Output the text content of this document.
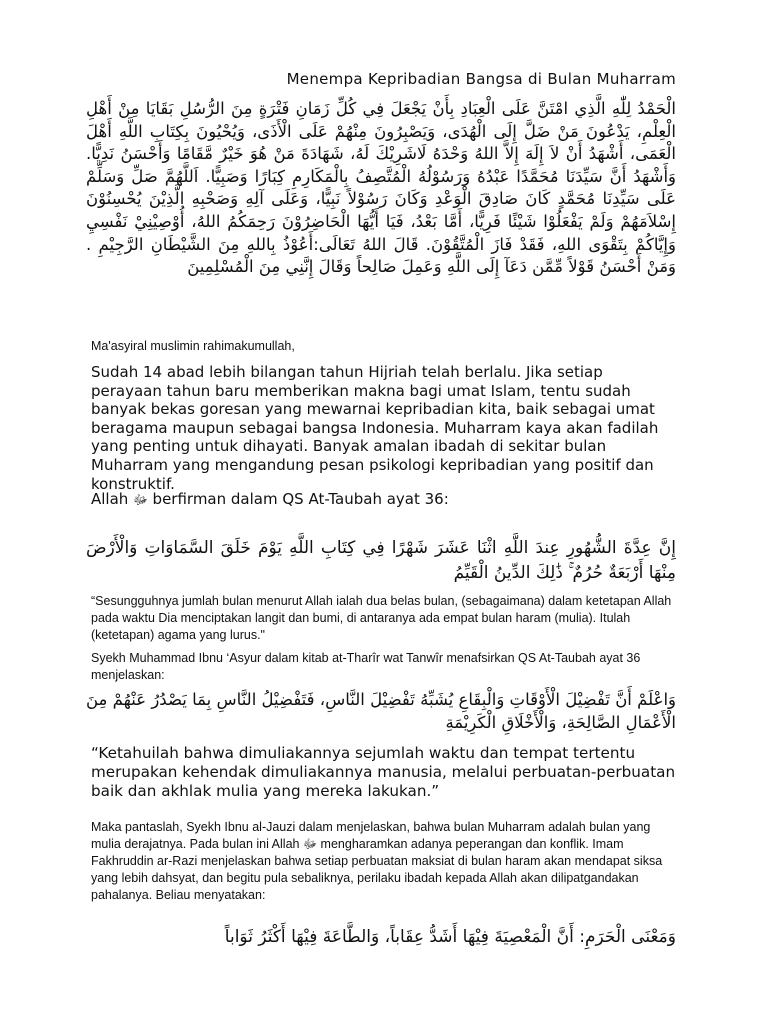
Menempa Kepribadian Bangsa di Bulan Muharram
الْحَمْدُ لِلّٰهِ الَّذِي امْتَنَّ عَلَى الْعِبَادِ بِأَنْ يَجْعَلَ فِي كُلِّ زَمَانِ فَتْرَةٍ مِنَ الرُّسُلِ بَقَايَا مِنْ أَهْلِ الْعِلْمِ، يَدْعُونَ مَنْ ضَلَّ إِلَى الْهُدَى، وَيَصْبِرُونَ مِنْهُمْ عَلَى الْأَذَى، وَيُحْيُونَ بِكِتَابِ اللَّهِ أَهْلَ الْعَمَى، أَشْهَدُ أَنْ لاَ إِلَهَ إِلاَّ اللهُ وَحْدَهُ لَاشَرِيْكَ لَهُ، شَهَادَةَ مَنْ هُوَ خَيْرٌ مَّقَامًا وَأَحْسَنُ نَدِيًّا. وَأَشْهَدُ أَنَّ سَيِّدَنَا مُحَمَّدًا عَبْدُهُ وَرَسُوْلُهُ الْمُتَّصِفُ بِالْمَكَارِمِ كِبَارًا وَصَبِيًّا. اَللَّهُمَّ صَلِّ وَسَلِّمْ عَلَى سَيِّدِنَا مُحَمَّدٍ كَانَ صَادِقَ الْوَعْدِ وَكَانَ رَسُوْلاً نَبِيًّا، وَعَلَى آلِهِ وَصَحْبِهِ الَّذِيْنَ يُحْسِنُوْنَ إِسْلاَمَهُمْ وَلَمْ يَفْعَلُوْا شَيْئًا فَرِيًّا، أَمَّا بَعْدُ، فَيَا أَيُّهَا الْحَاضِرُوْنَ رَحِمَكُمُ اللهُ، أُوْصِيْنِيْ نَفْسِيِ وَإِيَّاكُمْ بِتَقْوَى اللهِ، فَقَدْ فَازَ الْمُتَّقُوْنَ. قَالَ اللهُ تَعَالَى:أَعُوْذُ بِاللهِ مِنَ الشَّيْطَانِ الرَّجِيْمِ . وَمَنْ أَحْسَنُ قَوْلاً مِّمَّن دَعَآ إِلَى اللَّهِ وَعَمِلَ صَالِحاً وَقَالَ إِنَّنِي مِنَ الْمُسْلِمِينَ
Ma'asyiral muslimin rahimakumullah,
Sudah 14 abad lebih bilangan tahun Hijriah telah berlalu. Jika setiap perayaan tahun baru memberikan makna bagi umat Islam, tentu sudah banyak bekas goresan yang mewarnai kepribadian kita, baik sebagai umat beragama maupun sebagai bangsa Indonesia. Muharram kaya akan fadilah yang penting untuk dihayati. Banyak amalan ibadah di sekitar bulan Muharram yang mengandung pesan psikologi kepribadian yang positif dan konstruktif.
Allah ﷻ berfirman dalam QS At-Taubah ayat 36:
إِنَّ عِدَّةَ الشُّهُورِ عِندَ اللَّهِ اثْنَا عَشَرَ شَهْرًا فِي كِتَابِ اللَّهِ يَوْمَ خَلَقَ السَّمَاوَاتِ وَالْأَرْضَ مِنْهَا أَرْبَعَةٌ حُرُمٌ ۚ ذَٰلِكَ الدِّينُ الْقَيِّمُ
“Sesungguhnya jumlah bulan menurut Allah ialah dua belas bulan, (sebagaimana) dalam ketetapan Allah pada waktu Dia menciptakan langit dan bumi, di antaranya ada empat bulan haram (mulia). Itulah (ketetapan) agama yang lurus."
Syekh Muhammad Ibnu ‘Asyur dalam kitab at-Tharîr wat Tanwîr menafsirkan QS At-Taubah ayat 36 menjelaskan:
وَاعْلَمْ أَنَّ تَفْضِيْلَ الْأَوْقَاتِ وَالْبِقَاعِ يُشَبِّهُ تَفْضِيْلَ النَّاسِ، فَتَفْضِيْلُ النَّاسِ بِمَا يَصْدُرُ عَنْهُمْ مِنَ الْأَعْمَالِ الصَّالِحَةِ، وَالْأَخْلَاقِ الْكَرِيْمَةِ
“Ketahuilah bahwa dimuliakannya sejumlah waktu dan tempat tertentu merupakan kehendak dimuliakannya manusia, melalui perbuatan-perbuatan baik dan akhlak mulia yang mereka lakukan.”
Maka pantaslah, Syekh Ibnu al-Jauzi dalam menjelaskan, bahwa bulan Muharram adalah bulan yang mulia derajatnya. Pada bulan ini Allah ﷻ mengharamkan adanya peperangan dan konflik. Imam Fakhruddin ar-Razi menjelaskan bahwa setiap perbuatan maksiat di bulan haram akan mendapat siksa yang lebih dahsyat, dan begitu pula sebaliknya, perilaku ibadah kepada Allah akan dilipatgandakan pahalanya. Beliau menyatakan:
وَمَعْنَى الْحَرَمِ: أَنَّ الْمَعْصِيَةَ فِيْهَا أَشَدُّ عِقَاباً، وَالطَّاعَةَ فِيْهَا أَكْثَرُ ثَوَاباً
